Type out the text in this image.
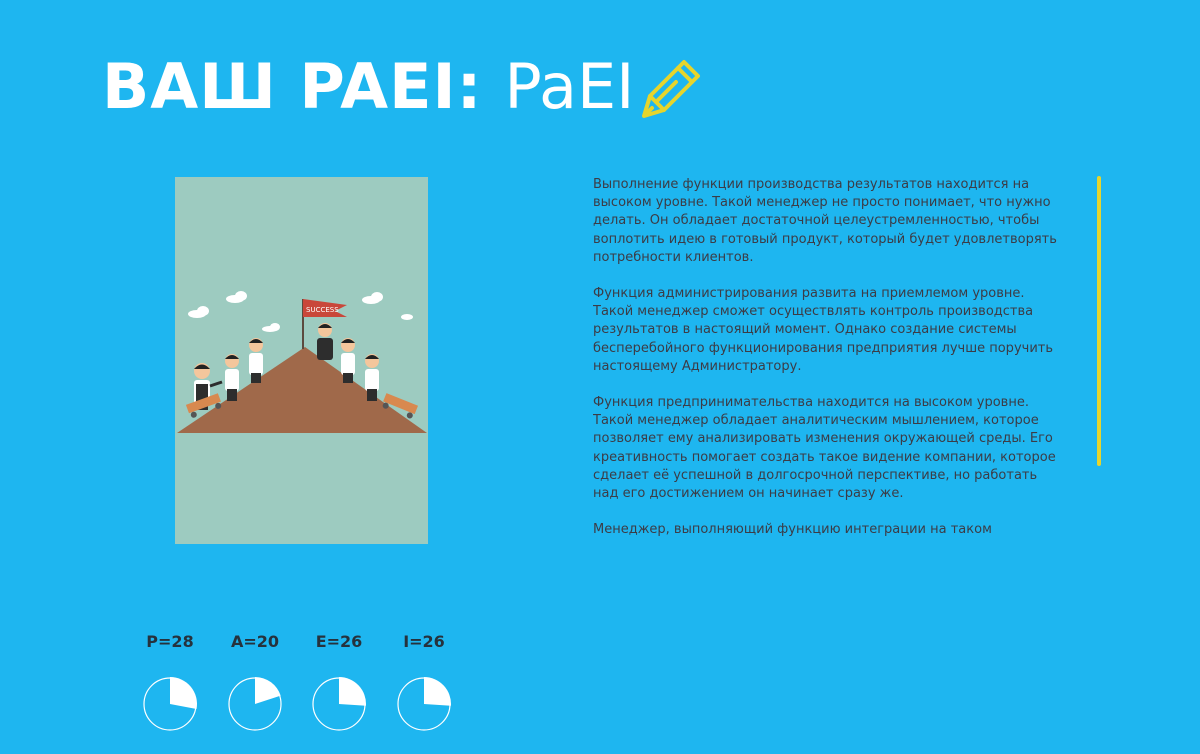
ВАШ PAEI: PaEI
SUCCESS

Выполнение функции производства результатов находится на высоком уровне. Такой менеджер не просто понимает, что нужно делать. Он обладает достаточной целеустремленностью, чтобы воплотить идею в готовый продукт, который будет удовлетворять потребности клиентов.

Функция администрирования развита на приемлемом уровне. Такой менеджер сможет осуществлять контроль производства результатов в настоящий момент. Однако создание системы бесперебойного функционирования предприятия лучше поручить настоящему Администратору.

Функция предпринимательства находится на высоком уровне. Такой менеджер обладает аналитическим мышлением, которое позволяет ему анализировать изменения окружающей среды. Его креативность помогает создать такое видение компании, которое сделает её успешной в долгосрочной перспективе, но работать над его достижением он начинает сразу же.

Менеджер, выполняющий функцию интеграции на таком

P=28	A=20	E=26	I=26
